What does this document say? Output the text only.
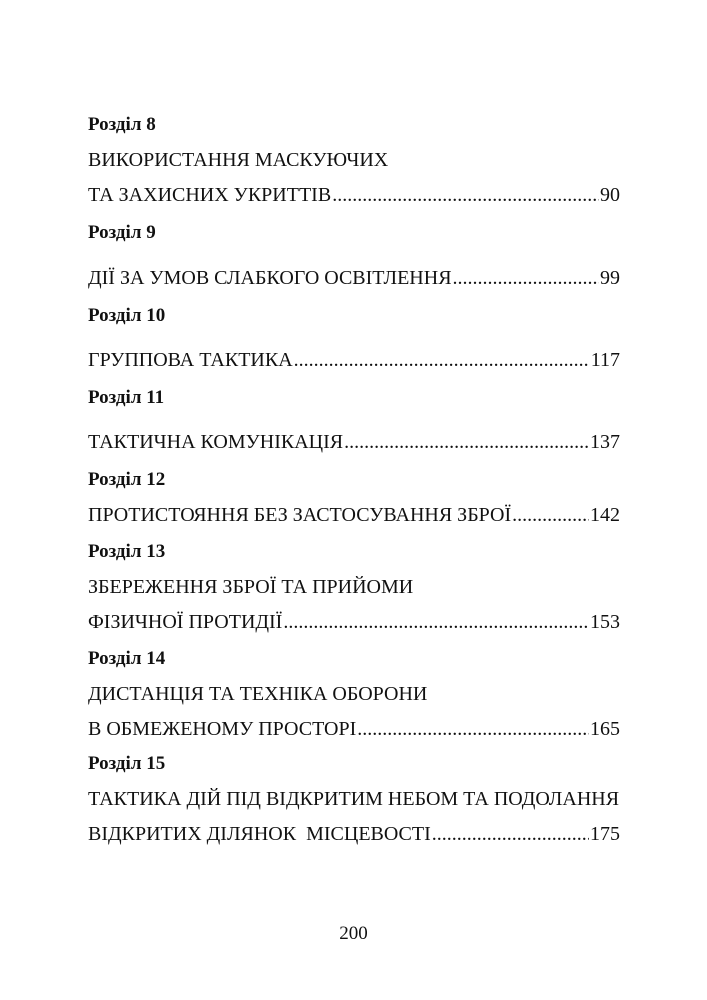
Розділ 8
ВИКОРИСТАННЯ МАСКУЮЧИХ
ТА ЗАХИСНИХ УКРИТТІВ .....	90
Розділ 9
ДІЇ ЗА УМОВ СЛАБКОГО ОСВІТЛЕННЯ .....	99
Розділ 10
ГРУППОВА ТАКТИКА .....	117
Розділ 11
ТАКТИЧНА КОМУНІКАЦІЯ .....	137
Розділ 12
ПРОТИСТОЯННЯ БЕЗ ЗАСТОСУВАННЯ ЗБРОЇ .....	142
Розділ 13
ЗБЕРЕЖЕННЯ ЗБРОЇ ТА ПРИЙОМИ
ФІЗИЧНОЇ ПРОТИДІЇ .....	153
Розділ 14
ДИСТАНЦІЯ ТА ТЕХНІКА ОБОРОНИ
В ОБМЕЖЕНОМУ ПРОСТОРІ .....	165
Розділ 15
ТАКТИКА ДІЙ ПІД ВІДКРИТИМ НЕБОМ ТА ПОДОЛАННЯ
ВІДКРИТИХ ДІЛЯНОК  МІСЦЕВОСТІ .....	175
200
